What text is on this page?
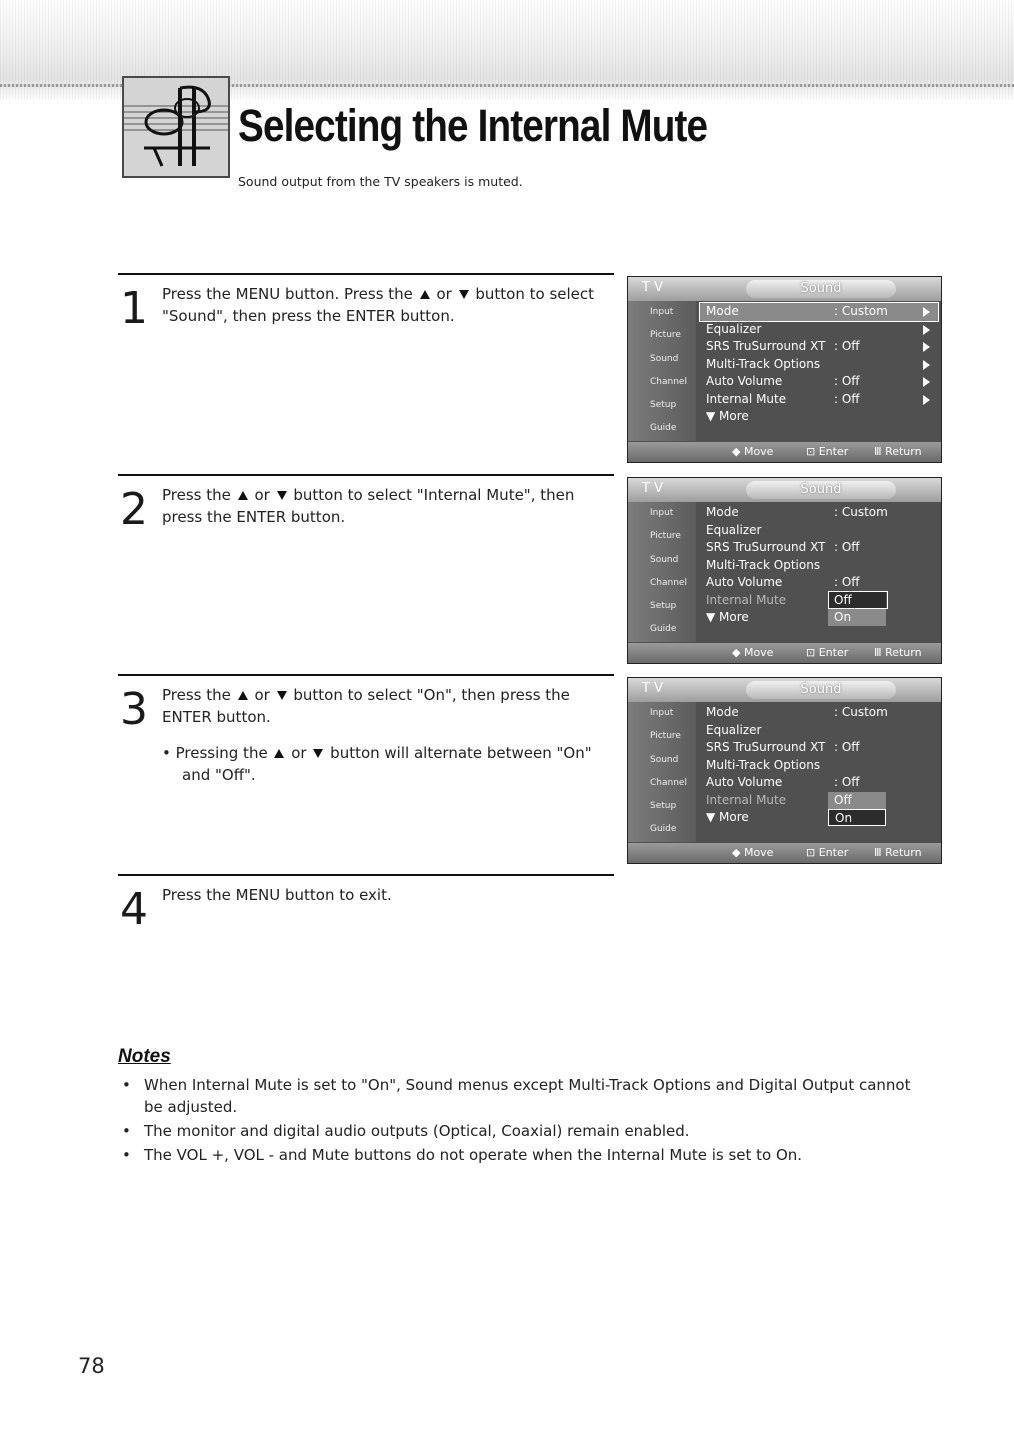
Selecting the Internal Mute
Sound output from the TV speakers is muted.
1 Press the MENU button. Press the or button to select "Sound", then press the ENTER button.

2 Press the or button to select "Internal Mute", then press the ENTER button.

3 Press the or button to select "On", then press the ENTER button.

• Pressing the or button will alternate between "On" and "Off".

4 Press the MENU button to exit.
T V	Sound
Input
Picture
Sound
Channel
Setup
Guide
Mode	: Custom
Equalizer
SRS TruSurround XT : Off
Multi-Track Options
Auto Volume	: Off
Internal Mute	: Off
▼ More
◆ Move	⊡ Enter Ⅲ Return
T V	Sound
Input
Picture
Sound
Channel
Setup
Guide
Mode	: Custom
Equalizer
SRS TruSurround XT : Off
Multi-Track Options
Auto Volume	: Off
Internal Mute
▼ More
Off
On
◆ Move	⊡ Enter Ⅲ Return
T V	Sound
Input
Picture
Sound
Channel
Setup
Guide
Mode	: Custom
Equalizer
SRS TruSurround XT : Off
Multi-Track Options
Auto Volume	: Off
Internal Mute
▼ More
Off
On
◆ Move	⊡ Enter Ⅲ Return
Notes
• When Internal Mute is set to "On", Sound menus except Multi-Track Options and Digital Output cannot be adjusted.
• The monitor and digital audio outputs (Optical, Coaxial) remain enabled.
• The VOL +, VOL - and Mute buttons do not operate when the Internal Mute is set to On.
78
